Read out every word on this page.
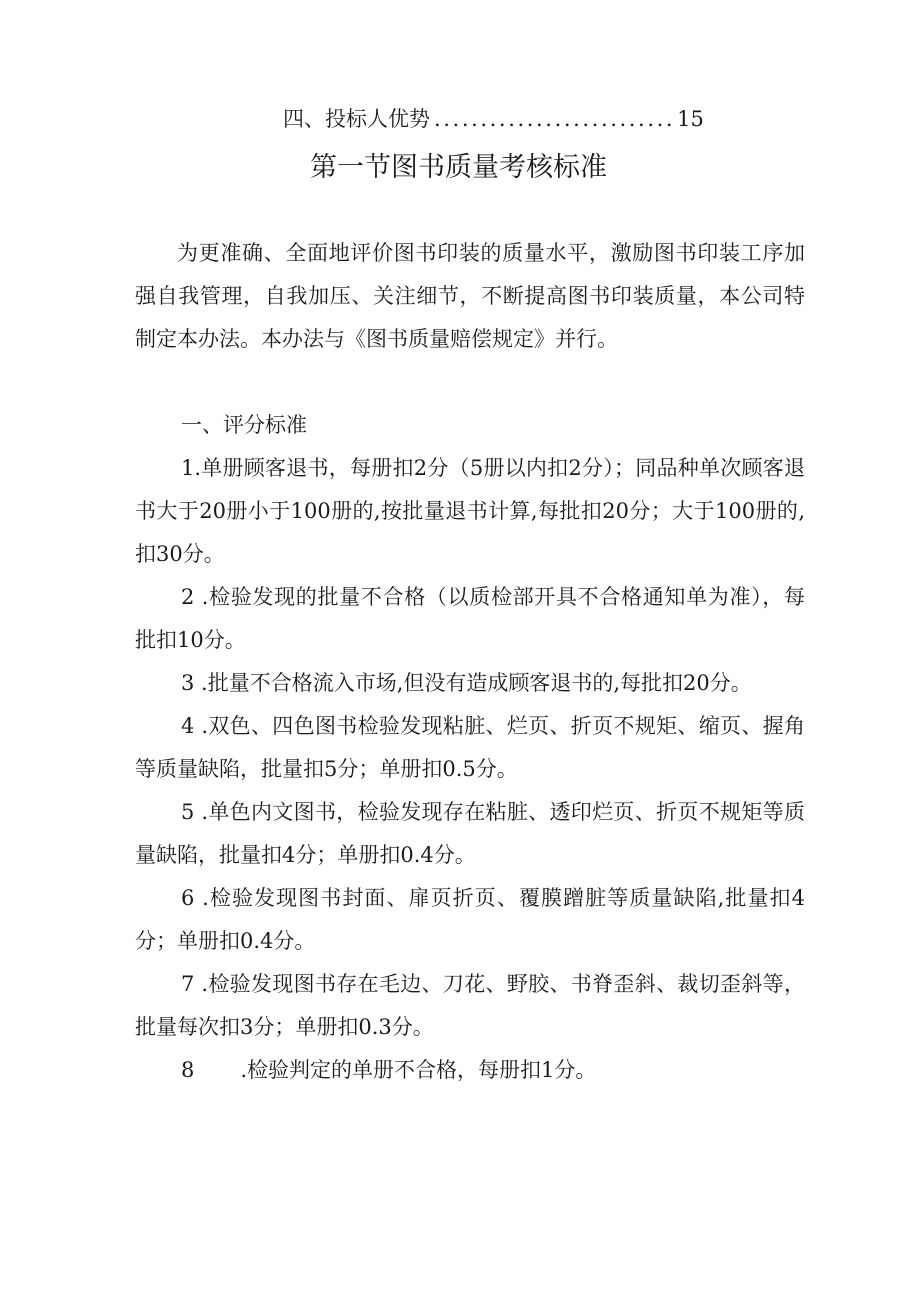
四、投标人优势 ..........................15
第一节图书质量考核标准
为更准确、全面地评价图书印装的质量水平，激励图书印装工序加强自我管理，自我加压、关注细节，不断提高图书印装质量，本公司特制定本办法。本办法与《图书质量赔偿规定》并行。
一、评分标准
1.单册顾客退书，每册扣2分（5册以内扣2分）；同品种单次顾客退书大于20册小于100册的,按批量退书计算,每批扣20分；大于100册的,扣30分。
2 .检验发现的批量不合格（以质检部开具不合格通知单为准），每批扣10分。
3 .批量不合格流入市场,但没有造成顾客退书的,每批扣20分。
4 .双色、四色图书检验发现粘脏、烂页、折页不规矩、缩页、握角等质量缺陷，批量扣5分；单册扣0.5分。
5 .单色内文图书，检验发现存在粘脏、透印烂页、折页不规矩等质量缺陷，批量扣4分；单册扣0.4分。
6 .检验发现图书封面、扉页折页、覆膜蹭脏等质量缺陷,批量扣4分；单册扣0.4分。
7 .检验发现图书存在毛边、刀花、野胶、书脊歪斜、裁切歪斜等，批量每次扣3分；单册扣0.3分。
8 .检验判定的单册不合格，每册扣1分。
